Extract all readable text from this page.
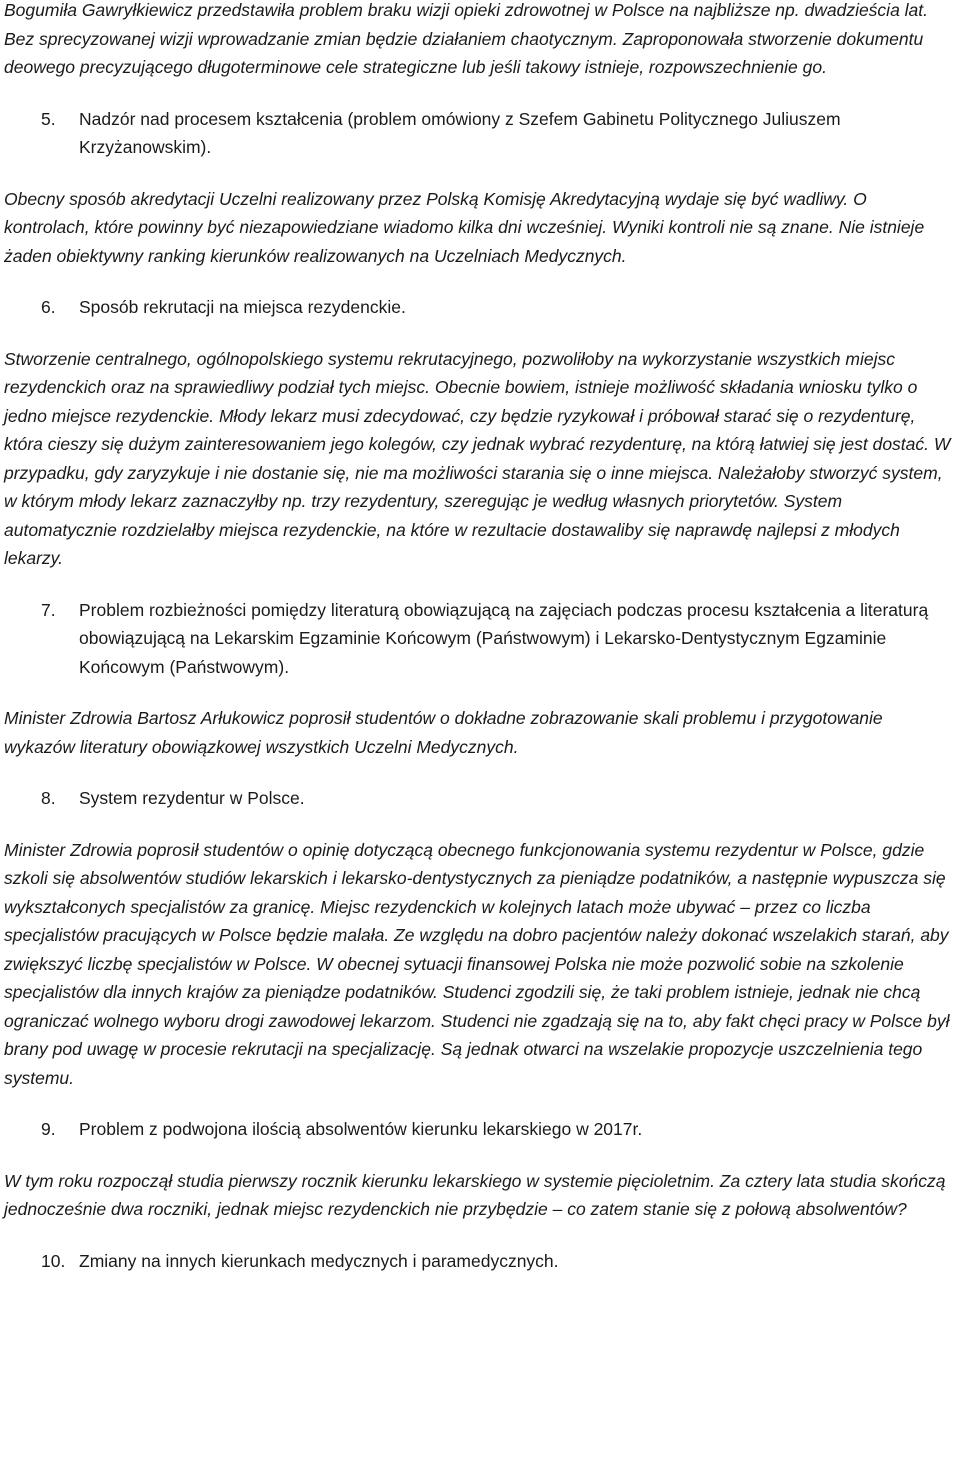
Bogumiła Gawryłkiewicz przedstawiła problem braku wizji opieki zdrowotnej w Polsce na najbliższe np. dwadzieścia lat. Bez sprecyzowanej wizji wprowadzanie zmian będzie działaniem chaotycznym. Zaproponowała stworzenie dokumentu deowego precyzującego długoterminowe cele strategiczne lub jeśli takowy istnieje, rozpowszechnienie go.

5.	Nadzór nad procesem kształcenia (problem omówiony z Szefem Gabinetu Politycznego Juliuszem Krzyżanowskim).

Obecny sposób akredytacji Uczelni realizowany przez Polską Komisję Akredytacyjną wydaje się być wadliwy. O kontrolach, które powinny być niezapowiedziane wiadomo kilka dni wcześniej. Wyniki kontroli nie są znane. Nie istnieje żaden obiektywny ranking kierunków realizowanych na Uczelniach Medycznych.

6.	Sposób rekrutacji na miejsca rezydenckie.

Stworzenie centralnego, ogólnopolskiego systemu rekrutacyjnego, pozwoliłoby na wykorzystanie wszystkich miejsc rezydenckich oraz na sprawiedliwy podział tych miejsc. Obecnie bowiem, istnieje możliwość składania wniosku tylko o jedno miejsce rezydenckie. Młody lekarz musi zdecydować, czy będzie ryzykował i próbował starać się o rezydenturę, która cieszy się dużym zainteresowaniem jego kolegów, czy jednak wybrać rezydenturę, na którą łatwiej się jest dostać. W przypadku, gdy zaryzykuje i nie dostanie się, nie ma możliwości starania się o inne miejsca. Należałoby stworzyć system, w którym młody lekarz zaznaczyłby np. trzy rezydentury, szeregując je według własnych priorytetów. System automatycznie rozdzielałby miejsca rezydenckie, na które w rezultacie dostawaliby się naprawdę najlepsi z młodych lekarzy.

7.	Problem rozbieżności pomiędzy literaturą obowiązującą na zajęciach podczas procesu kształcenia a literaturą obowiązującą na Lekarskim Egzaminie Końcowym (Państwowym) i Lekarsko-Dentystycznym Egzaminie Końcowym (Państwowym).

Minister Zdrowia Bartosz Arłukowicz poprosił studentów o dokładne zobrazowanie skali problemu i przygotowanie wykazów literatury obowiązkowej wszystkich Uczelni Medycznych.

8.	System rezydentur w Polsce.

Minister Zdrowia poprosił studentów o opinię dotyczącą obecnego funkcjonowania systemu rezydentur w Polsce, gdzie szkoli się absolwentów studiów lekarskich i lekarsko-dentystycznych za pieniądze podatników, a następnie wypuszcza się wykształconych specjalistów za granicę. Miejsc rezydenckich w kolejnych latach może ubywać – przez co liczba specjalistów pracujących w Polsce będzie malała. Ze względu na dobro pacjentów należy dokonać wszelakich starań, aby zwiększyć liczbę specjalistów w Polsce. W obecnej sytuacji finansowej Polska nie może pozwolić sobie na szkolenie specjalistów dla innych krajów za pieniądze podatników. Studenci zgodzili się, że taki problem istnieje, jednak nie chcą ograniczać wolnego wyboru drogi zawodowej lekarzom. Studenci nie zgadzają się na to, aby fakt chęci pracy w Polsce był brany pod uwagę w procesie rekrutacji na specjalizację. Są jednak otwarci na wszelakie propozycje uszczelnienia tego systemu.

9.	Problem z podwojona ilością absolwentów kierunku lekarskiego w 2017r.

W tym roku rozpoczął studia pierwszy rocznik kierunku lekarskiego w systemie pięcioletnim. Za cztery lata studia skończą jednocześnie dwa roczniki, jednak miejsc rezydenckich nie przybędzie – co zatem stanie się z połową absolwentów?

10. Zmiany na innych kierunkach medycznych i paramedycznych.
